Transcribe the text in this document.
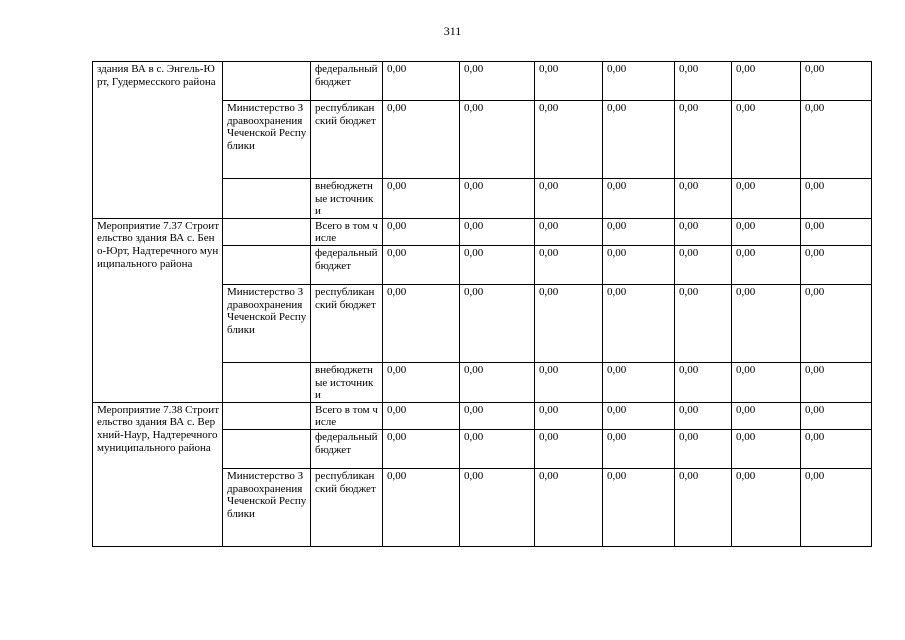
311
здания ВА в с. Энгель-Юрт, Гудермесского района		федеральный бюджет	0,00	0,00	0,00	0,00	0,00	0,00	0,00
	Министерство Здравоохранения Чеченской Республики	республиканский бюджет	0,00	0,00	0,00	0,00	0,00	0,00	0,00
		внебюджетные источники	0,00	0,00	0,00	0,00	0,00	0,00	0,00
Мероприятие 7.37 Строительство здания ВА с. Бено-Юрт, Надтеречного муниципального района		Всего в том числе	0,00	0,00	0,00	0,00	0,00	0,00	0,00
		федеральный бюджет	0,00	0,00	0,00	0,00	0,00	0,00	0,00
	Министерство Здравоохранения Чеченской Республики	республиканский бюджет	0,00	0,00	0,00	0,00	0,00	0,00	0,00
		внебюджетные источники	0,00	0,00	0,00	0,00	0,00	0,00	0,00
Мероприятие 7.38 Строительство здания ВА с. Верхний-Наур, Надтеречного муниципального района		Всего в том числе	0,00	0,00	0,00	0,00	0,00	0,00	0,00
		федеральный бюджет	0,00	0,00	0,00	0,00	0,00	0,00	0,00
	Министерство Здравоохранения Чеченской Республики	республиканский бюджет	0,00	0,00	0,00	0,00	0,00	0,00	0,00
